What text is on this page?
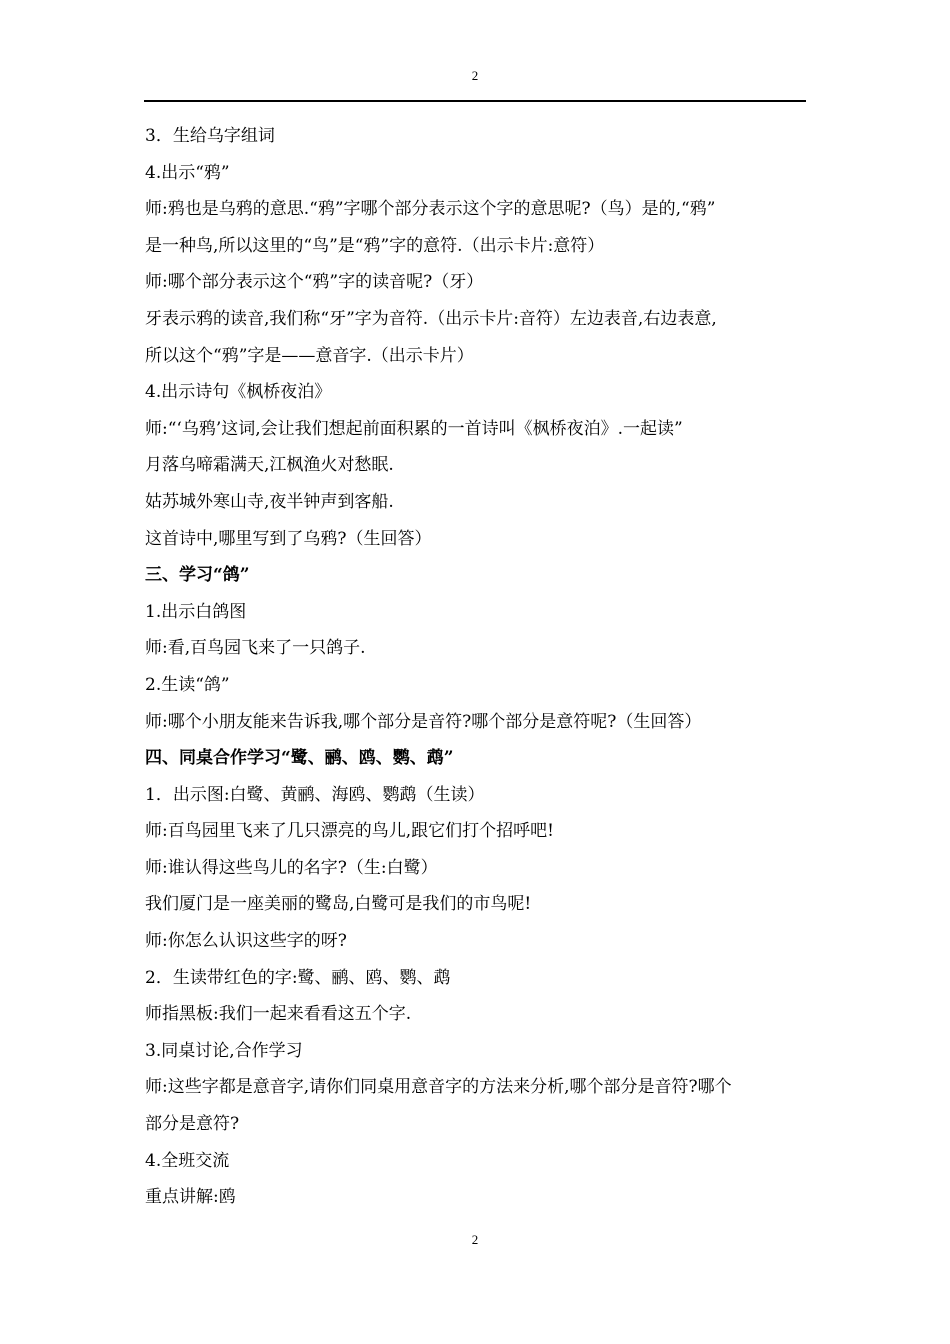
2
3．生给乌字组词
4.出示“鸦”
师:鸦也是乌鸦的意思.“鸦”字哪个部分表示这个字的意思呢?（鸟）是的,“鸦”
是一种鸟,所以这里的“鸟”是“鸦”字的意符.（出示卡片:意符）
师:哪个部分表示这个“鸦”字的读音呢?（牙）
牙表示鸦的读音,我们称“牙”字为音符.（出示卡片:音符）左边表音,右边表意,
所以这个“鸦”字是——意音字.（出示卡片）
4.出示诗句《枫桥夜泊》
师:“‘乌鸦’这词,会让我们想起前面积累的一首诗叫《枫桥夜泊》.一起读”
月落乌啼霜满天,江枫渔火对愁眠.
姑苏城外寒山寺,夜半钟声到客船.
这首诗中,哪里写到了乌鸦?（生回答）
三、学习“鸽”
1.出示白鸽图
师:看,百鸟园飞来了一只鸽子.
2.生读“鸽”
师:哪个小朋友能来告诉我,哪个部分是音符?哪个部分是意符呢?（生回答）
四、同桌合作学习“鹭、鹂、鸥、鹦、鹉”
1．出示图:白鹭、黄鹂、海鸥、鹦鹉（生读）
师:百鸟园里飞来了几只漂亮的鸟儿,跟它们打个招呼吧!
师:谁认得这些鸟儿的名字?（生:白鹭）
我们厦门是一座美丽的鹭岛,白鹭可是我们的市鸟呢!
师:你怎么认识这些字的呀?
2．生读带红色的字:鹭、鹂、鸥、鹦、鹉
师指黑板:我们一起来看看这五个字.
3.同桌讨论,合作学习
师:这些字都是意音字,请你们同桌用意音字的方法来分析,哪个部分是音符?哪个
部分是意符?
4.全班交流
重点讲解:鸥
2
